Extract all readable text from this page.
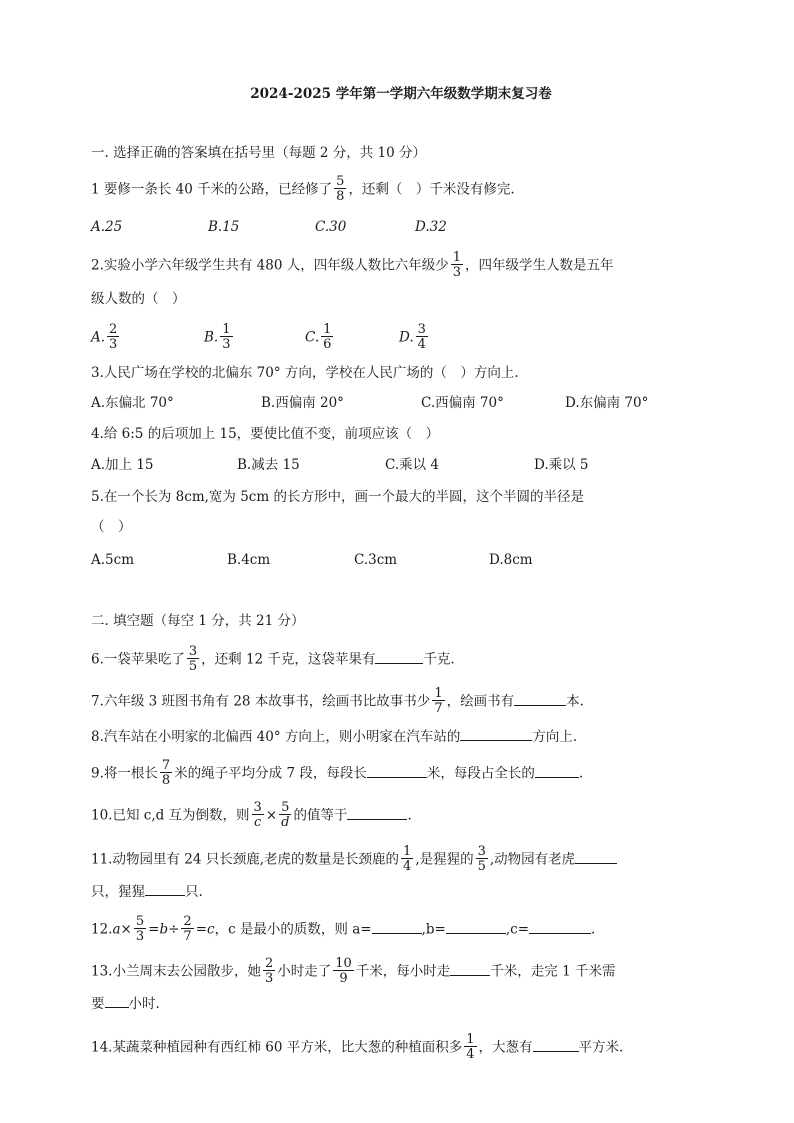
2024-2025 学年第一学期六年级数学期末复习卷
一. 选择正确的答案填在括号里（每题 2 分，共 10 分）
1 要修一条长 40 千米的公路，已经修了 $\frac{5}{8}$ ，还剩（　）千米没有修完.
A.25	B.15	C.30	D.32
2.实验小学六年级学生共有 480 人，四年级人数比六年级少 $\frac{1}{3}$ ，四年级学生人数是五年
级人数的（　）
A. $\frac{2}{3}$	B. $\frac{1}{3}$	C. $\frac{1}{6}$	D. $\frac{3}{4}$
3.人民广场在学校的北偏东 70° 方向，学校在人民广场的（　）方向上.
A.东偏北 70°	B.西偏南 20°	C.西偏南 70°	D.东偏南 70°
4.给 6:5 的后项加上 15，要使比值不变，前项应该（　）
A.加上 15	B.减去 15	C.乘以 4	D.乘以 5
5.在一个长为 8cm,宽为 5cm 的长方形中，画一个最大的半圆，这个半圆的半径是
（　）
A.5cm	B.4cm	C.3cm	D.8cm
二. 填空题（每空 1 分，共 21 分）
6.一袋苹果吃了 $\frac{3}{5}$ ，还剩 12 千克，这袋苹果有	千克.
7.六年级 3 班图书角有 28 本故事书，绘画书比故事书少 $\frac{1}{7}$ ，绘画书有	本.
8.汽车站在小明家的北偏西 40° 方向上，则小明家在汽车站的	方向上.
9.将一根长 $\frac{7}{8}$ 米的绳子平均分成 7 段，每段长	米，每段占全长的	.
10.已知 c,d 互为倒数，则 $\frac{3}{c} \times \frac{5}{d}$ 的值等于	.
11.动物园里有 24 只长颈鹿,老虎的数量是长颈鹿的 $\frac{1}{4}$ ,是猩猩的 $\frac{3}{5}$ ,动物园有老虎
只，猩猩	只.
$12.a\times \frac{5}{3} =b\div \frac{2}{7} =c$，c 是最小的质数，则 a=	,b=	,c=	.
13.小兰周末去公园散步，她 $\frac{2}{3}$ 小时走了 $\frac{10}{9}$ 千米，每小时走	千米，走完 1 千米需
要 小时.
14.某蔬菜种植园种有西红柿 60 平方米，比大葱的种植面积多 $\frac{1}{4}$ ，大葱有	平方米.
